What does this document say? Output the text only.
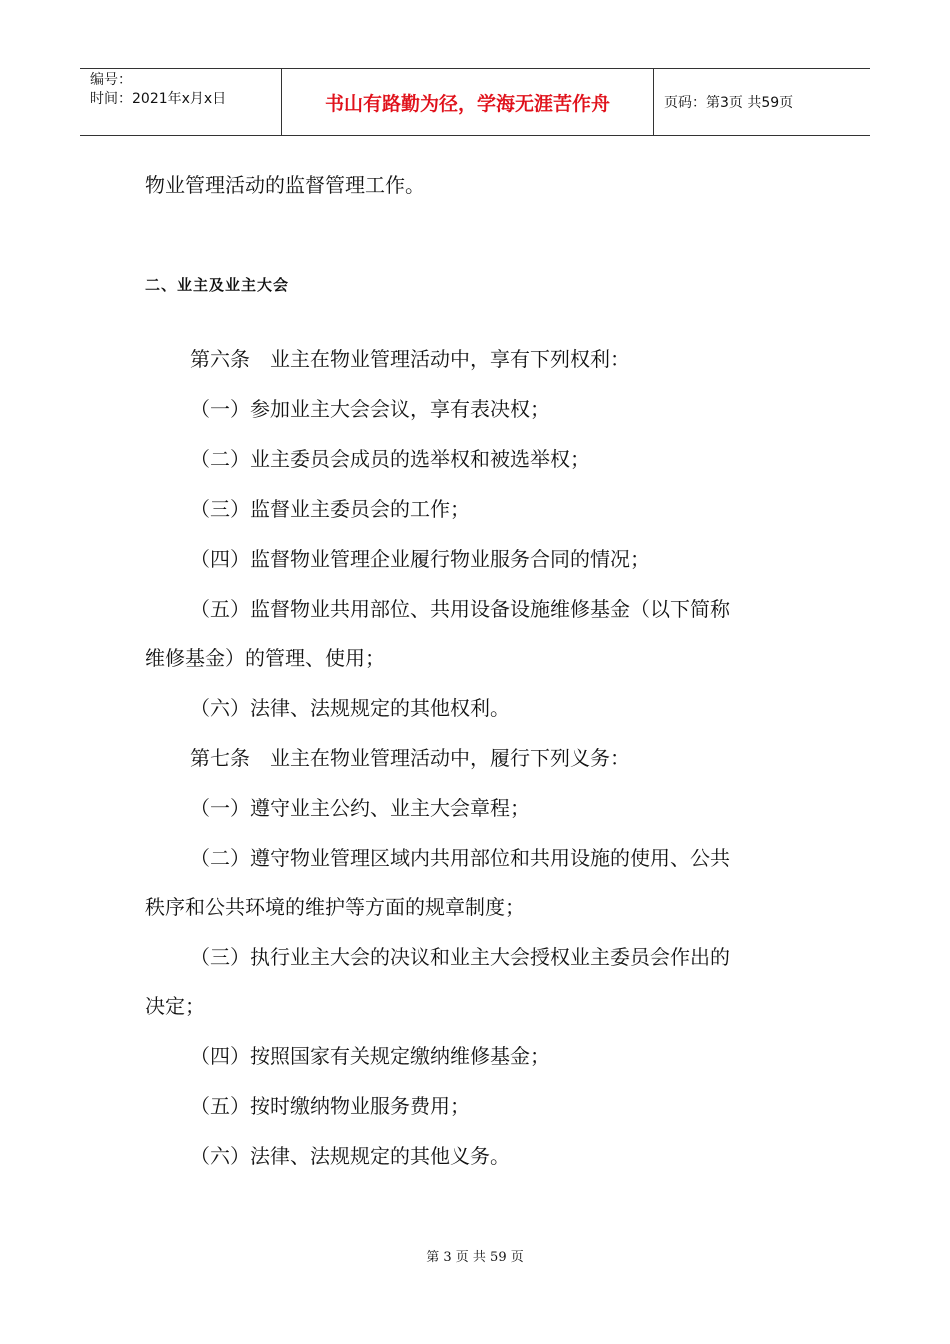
编号：
时间：2021年x月x日	书山有路勤为径，学海无涯苦作舟	页码：第3页 共59页
物业管理活动的监督管理工作。
二、业主及业主大会
第六条　业主在物业管理活动中，享有下列权利：
（一）参加业主大会会议，享有表决权；
（二）业主委员会成员的选举权和被选举权；
（三）监督业主委员会的工作；
（四）监督物业管理企业履行物业服务合同的情况；
（五）监督物业共用部位、共用设备设施维修基金（以下简称
维修基金）的管理、使用；
（六）法律、法规规定的其他权利。
第七条　业主在物业管理活动中，履行下列义务：
（一）遵守业主公约、业主大会章程；
（二）遵守物业管理区域内共用部位和共用设施的使用、公共
秩序和公共环境的维护等方面的规章制度；
（三）执行业主大会的决议和业主大会授权业主委员会作出的
决定；
（四）按照国家有关规定缴纳维修基金；
（五）按时缴纳物业服务费用；
（六）法律、法规规定的其他义务。
第 3 页 共 59 页
